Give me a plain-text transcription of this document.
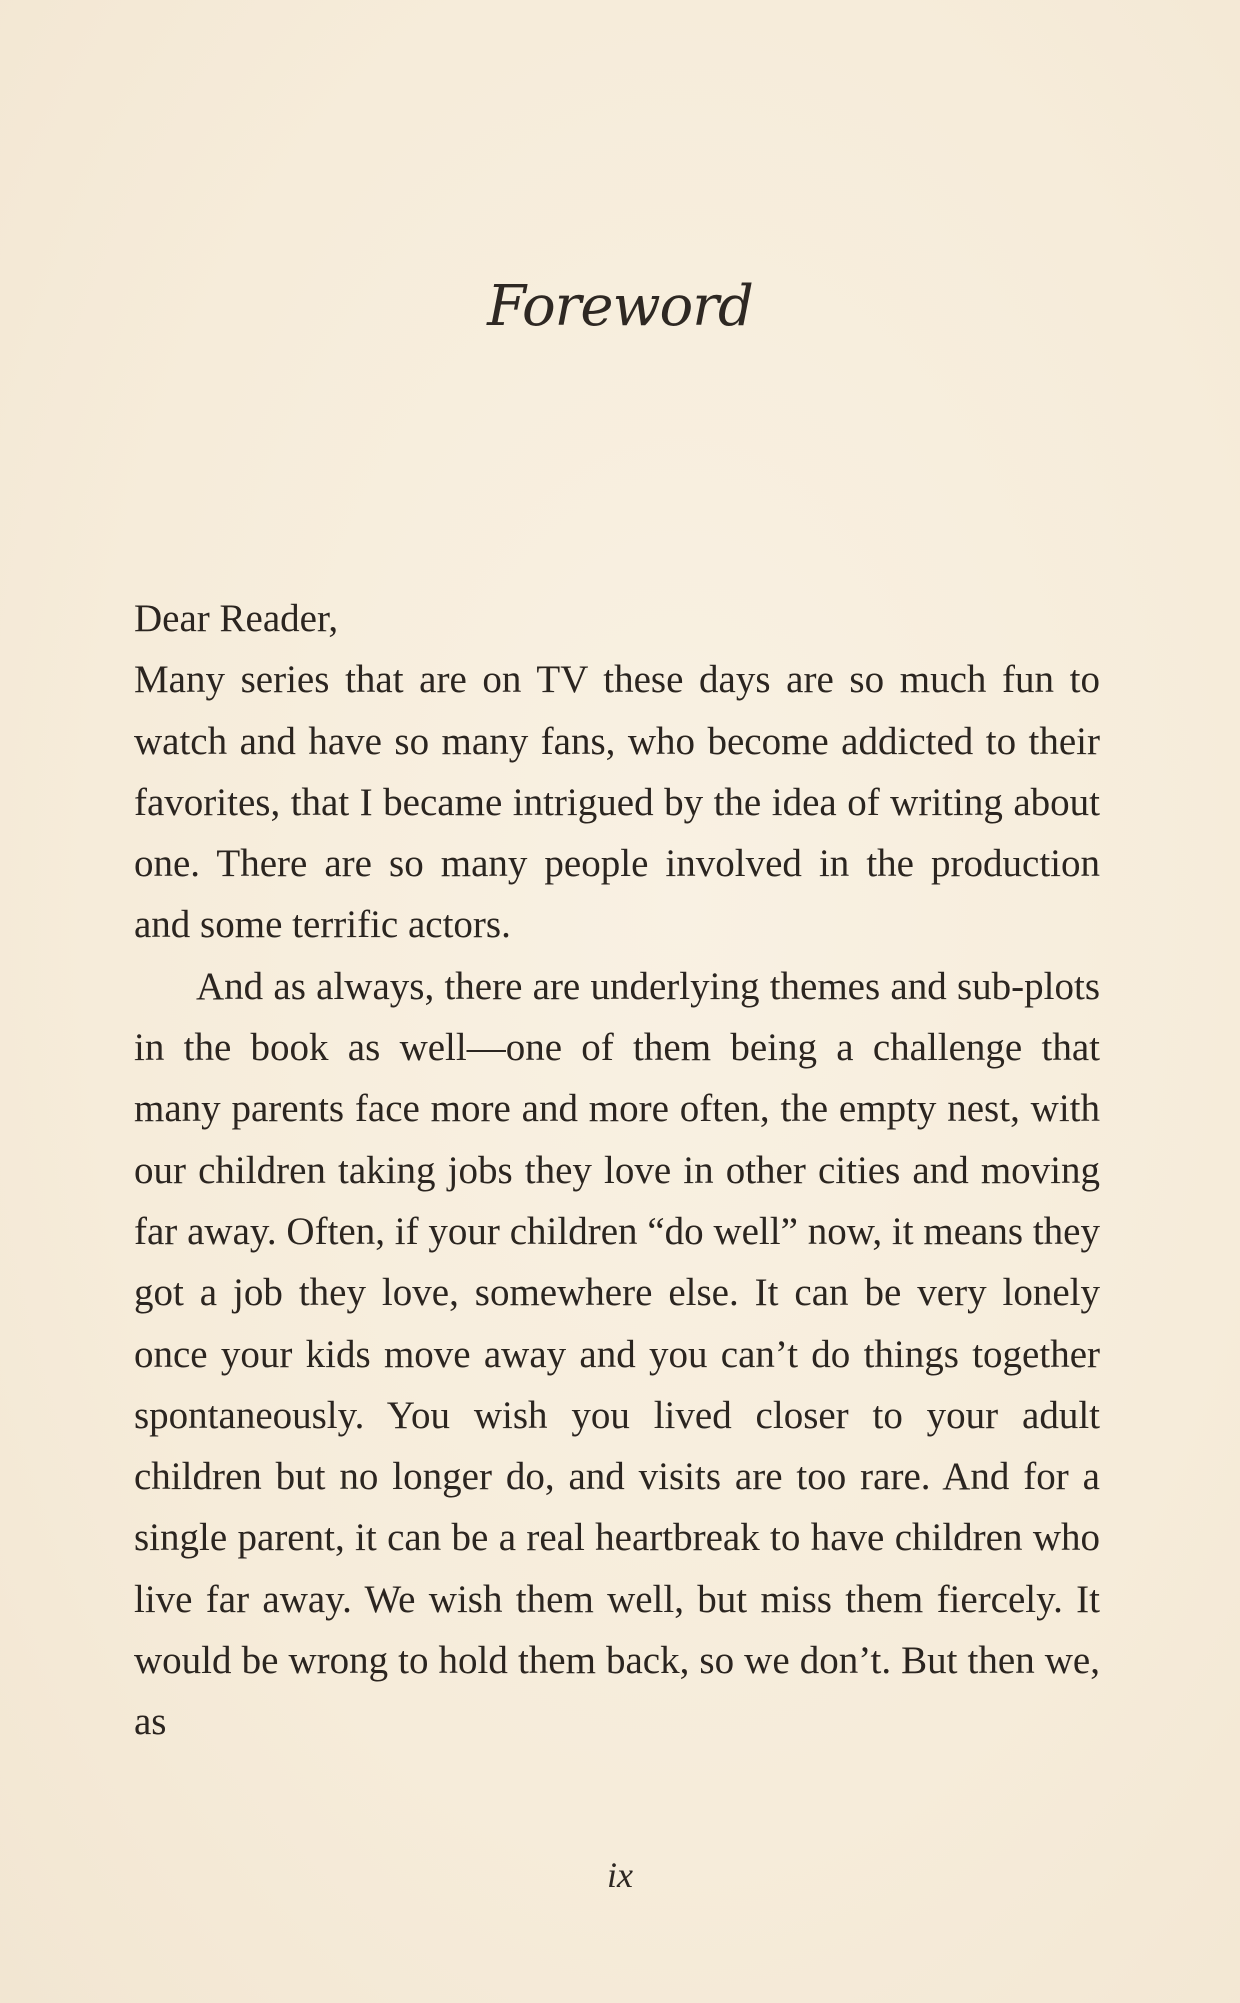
Foreword

Dear Reader,

Many series that are on TV these days are so much fun to watch and have so many fans, who become addicted to their favorites, that I became intrigued by the idea of writing about one. There are so many people involved in the production and some terrific actors.

And as always, there are underlying themes and sub-plots in the book as well—one of them being a challenge that many parents face more and more often, the empty nest, with our children taking jobs they love in other cities and moving far away. Often, if your children “do well” now, it means they got a job they love, somewhere else. It can be very lonely once your kids move away and you can’t do things together spontaneously. You wish you lived closer to your adult children but no longer do, and visits are too rare. And for a single parent, it can be a real heartbreak to have children who live far away. We wish them well, but miss them fiercely. It would be wrong to hold them back, so we don’t. But then we, as

ix
